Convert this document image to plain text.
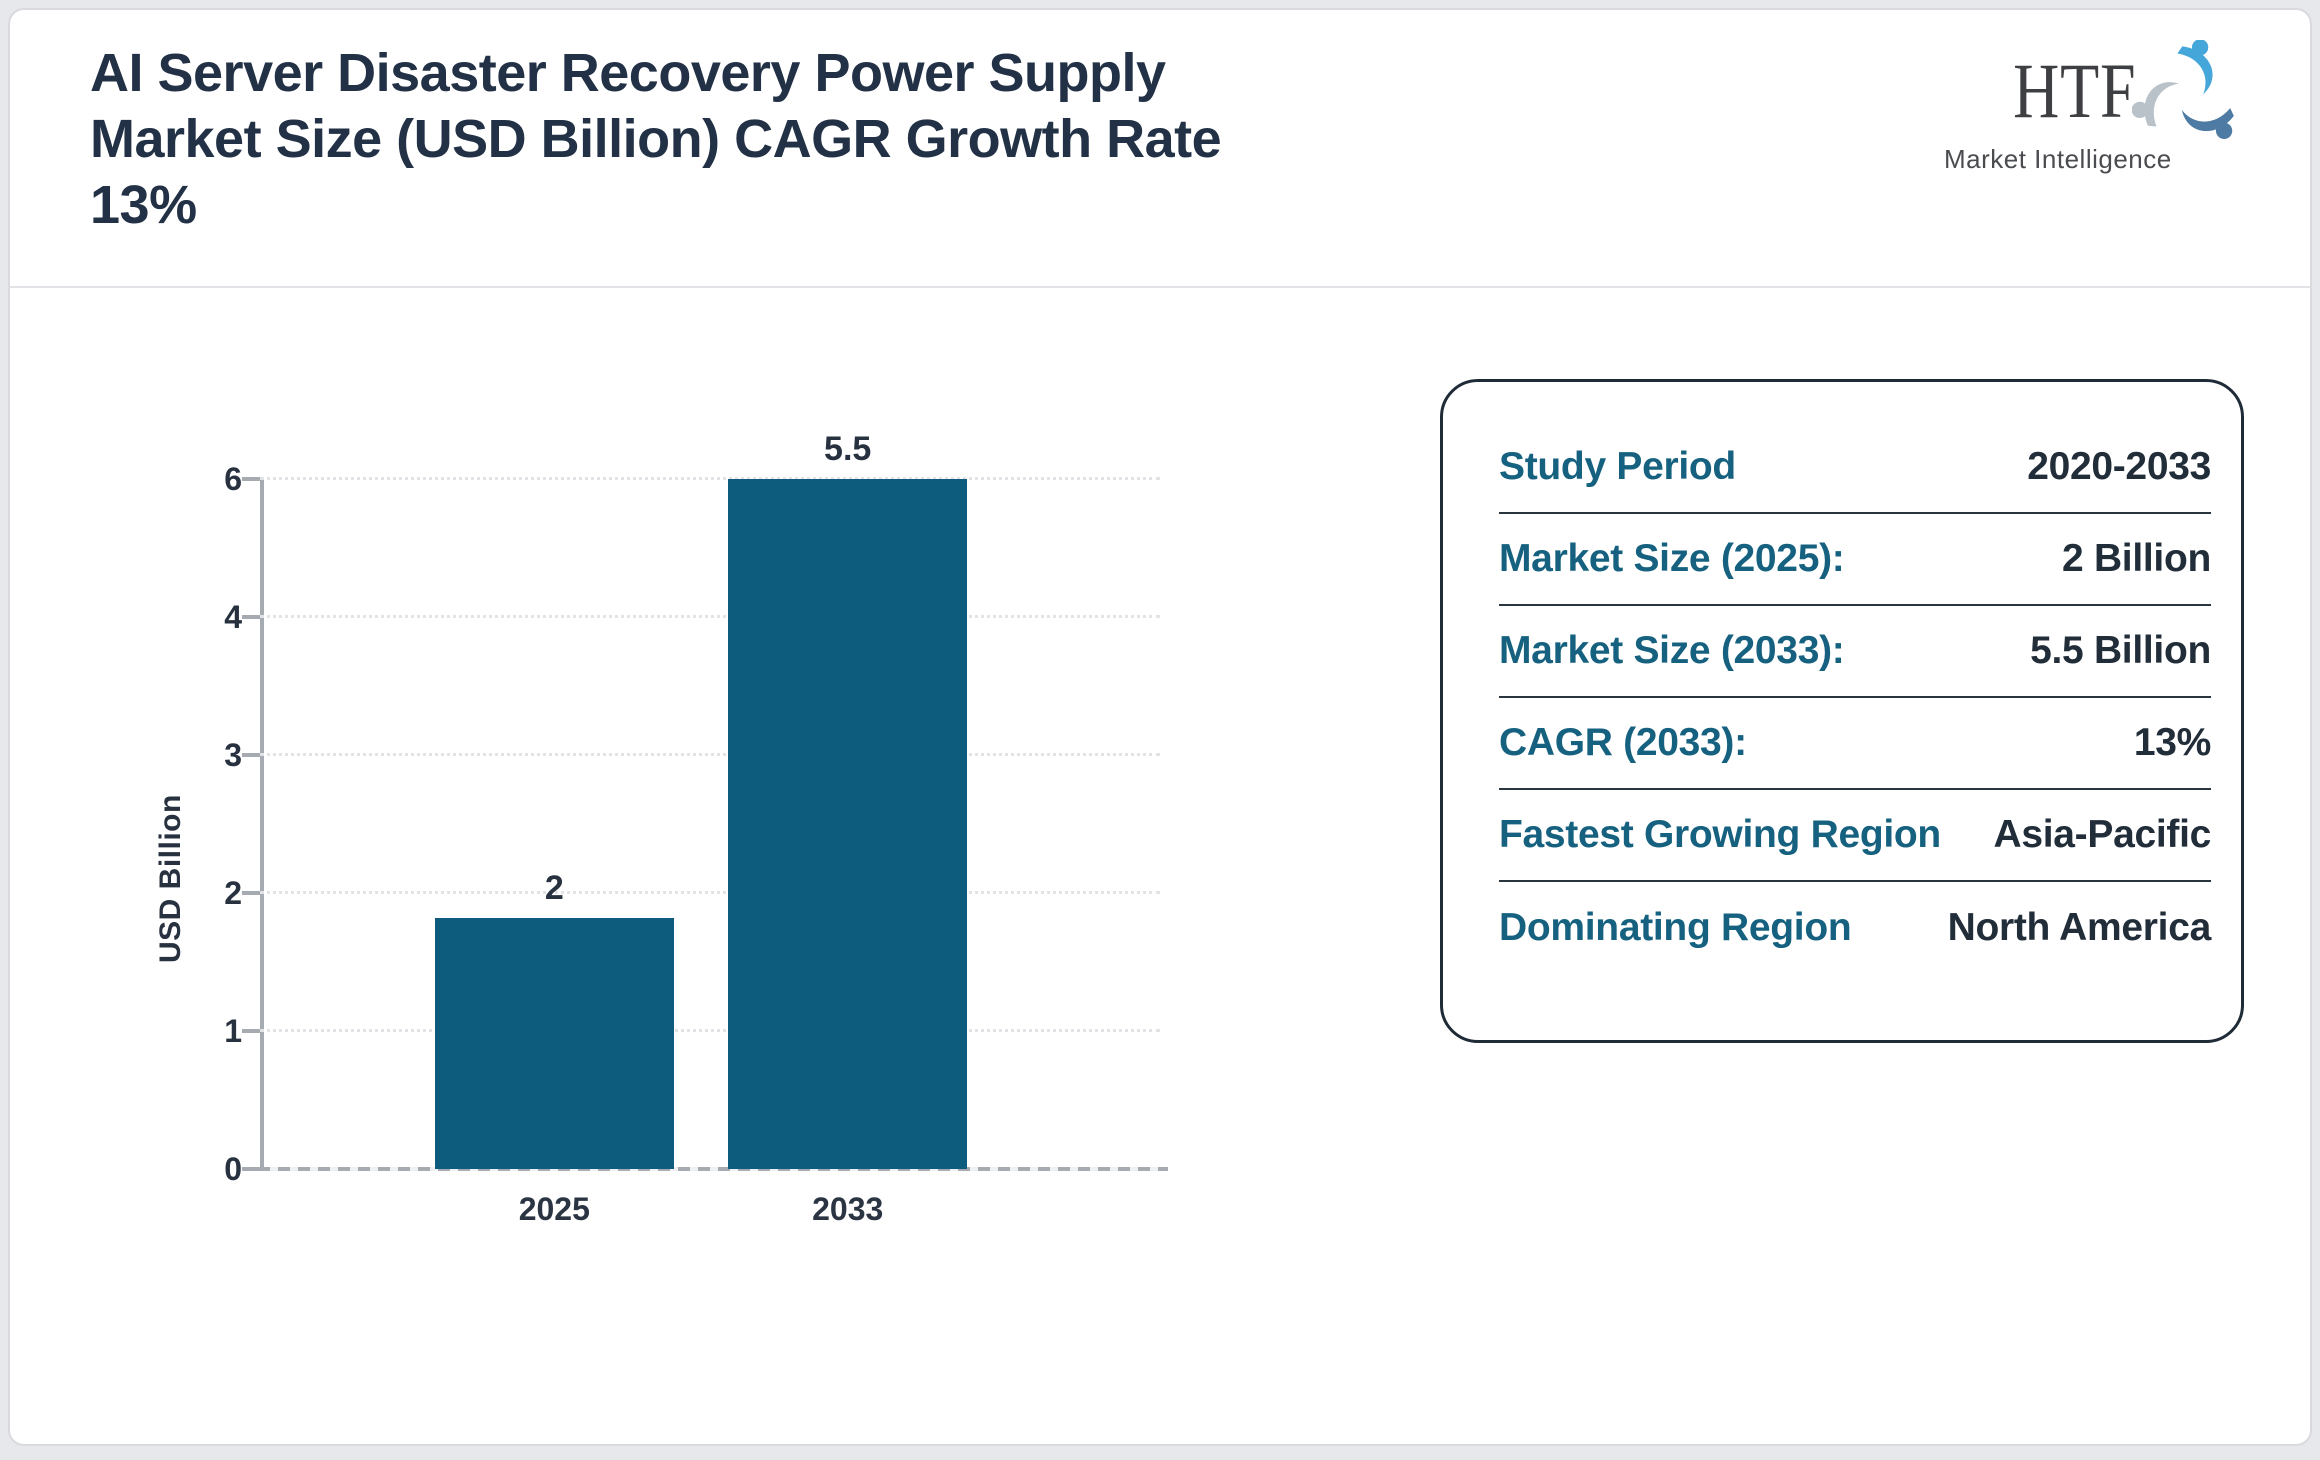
AI Server Disaster Recovery Power Supply
Market Size (USD Billion) CAGR Growth Rate
13%
HTF
Market Intelligence
USD Billion
0
1
2
3
4
6
2
2025
5.5
2033
Study Period	2020-2033
Market Size (2025):	2 Billion
Market Size (2033):	5.5 Billion
CAGR (2033):	13%
Fastest Growing Region Asia-Pacific
Dominating Region North America
